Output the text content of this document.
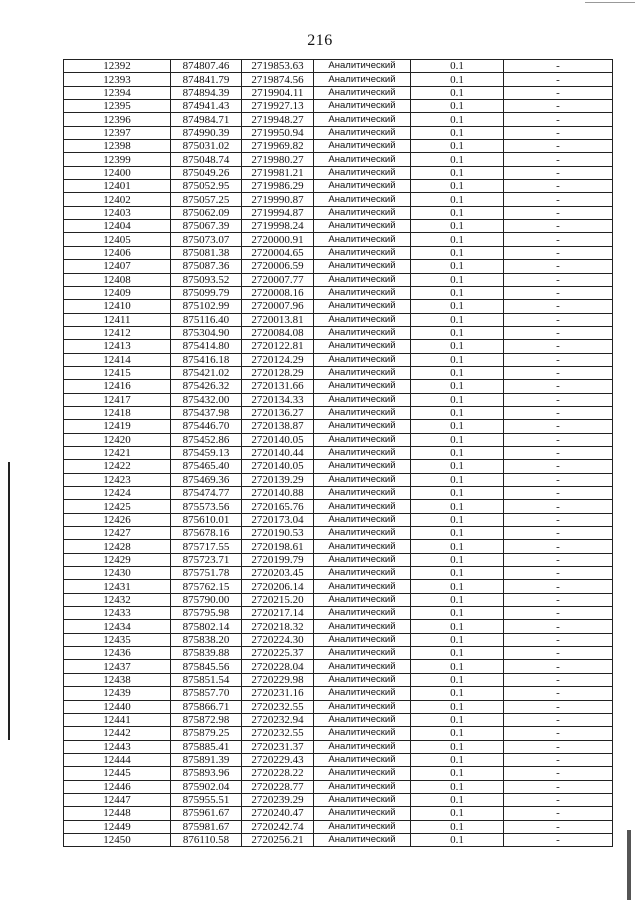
216
12392	874807.46	2719853.63	Аналитический	0.1	-
12393	874841.79	2719874.56	Аналитический	0.1	-
12394	874894.39	2719904.11	Аналитический	0.1	-
12395	874941.43	2719927.13	Аналитический	0.1	-
12396	874984.71	2719948.27	Аналитический	0.1	-
12397	874990.39	2719950.94	Аналитический	0.1	-
12398	875031.02	2719969.82	Аналитический	0.1	-
12399	875048.74	2719980.27	Аналитический	0.1	-
12400	875049.26	2719981.21	Аналитический	0.1	-
12401	875052.95	2719986.29	Аналитический	0.1	-
12402	875057.25	2719990.87	Аналитический	0.1	-
12403	875062.09	2719994.87	Аналитический	0.1	-
12404	875067.39	2719998.24	Аналитический	0.1	-
12405	875073.07	2720000.91	Аналитический	0.1	-
12406	875081.38	2720004.65	Аналитический	0.1	-
12407	875087.36	2720006.59	Аналитический	0.1	-
12408	875093.52	2720007.77	Аналитический	0.1	-
12409	875099.79	2720008.16	Аналитический	0.1	-
12410	875102.99	2720007.96	Аналитический	0.1	-
12411	875116.40	2720013.81	Аналитический	0.1	-
12412	875304.90	2720084.08	Аналитический	0.1	-
12413	875414.80	2720122.81	Аналитический	0.1	-
12414	875416.18	2720124.29	Аналитический	0.1	-
12415	875421.02	2720128.29	Аналитический	0.1	-
12416	875426.32	2720131.66	Аналитический	0.1	-
12417	875432.00	2720134.33	Аналитический	0.1	-
12418	875437.98	2720136.27	Аналитический	0.1	-
12419	875446.70	2720138.87	Аналитический	0.1	-
12420	875452.86	2720140.05	Аналитический	0.1	-
12421	875459.13	2720140.44	Аналитический	0.1	-
12422	875465.40	2720140.05	Аналитический	0.1	-
12423	875469.36	2720139.29	Аналитический	0.1	-
12424	875474.77	2720140.88	Аналитический	0.1	-
12425	875573.56	2720165.76	Аналитический	0.1	-
12426	875610.01	2720173.04	Аналитический	0.1	-
12427	875678.16	2720190.53	Аналитический	0.1	-
12428	875717.55	2720198.61	Аналитический	0.1	-
12429	875723.71	2720199.79	Аналитический	0.1	-
12430	875751.78	2720203.45	Аналитический	0.1	-
12431	875762.15	2720206.14	Аналитический	0.1	-
12432	875790.00	2720215.20	Аналитический	0.1	-
12433	875795.98	2720217.14	Аналитический	0.1	-
12434	875802.14	2720218.32	Аналитический	0.1	-
12435	875838.20	2720224.30	Аналитический	0.1	-
12436	875839.88	2720225.37	Аналитический	0.1	-
12437	875845.56	2720228.04	Аналитический	0.1	-
12438	875851.54	2720229.98	Аналитический	0.1	-
12439	875857.70	2720231.16	Аналитический	0.1	-
12440	875866.71	2720232.55	Аналитический	0.1	-
12441	875872.98	2720232.94	Аналитический	0.1	-
12442	875879.25	2720232.55	Аналитический	0.1	-
12443	875885.41	2720231.37	Аналитический	0.1	-
12444	875891.39	2720229.43	Аналитический	0.1	-
12445	875893.96	2720228.22	Аналитический	0.1	-
12446	875902.04	2720228.77	Аналитический	0.1	-
12447	875955.51	2720239.29	Аналитический	0.1	-
12448	875961.67	2720240.47	Аналитический	0.1	-
12449	875981.67	2720242.74	Аналитический	0.1	-
12450	876110.58	2720256.21	Аналитический	0.1	-
